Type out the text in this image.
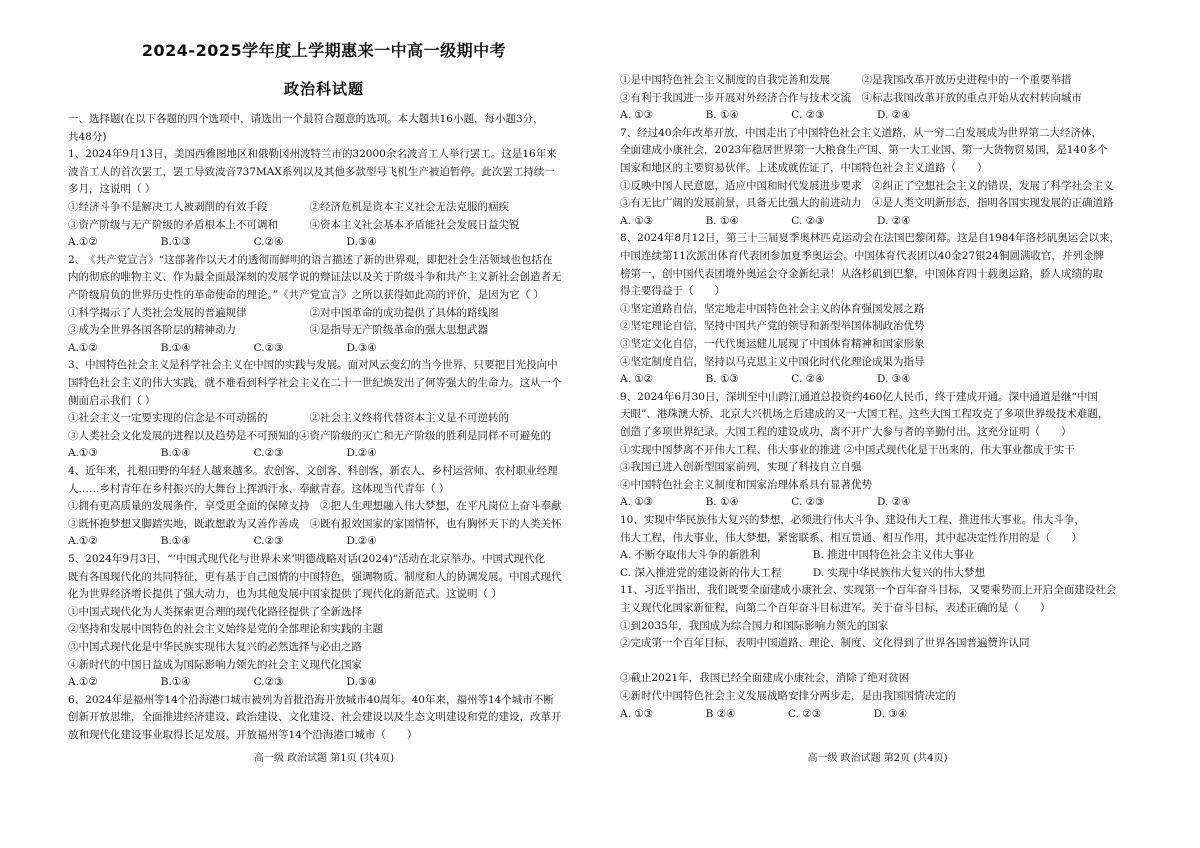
2024-2025学年度上学期惠来一中高一级期中考
政治科试题
一、选择题(在以下各题的四个选项中，请选出一个最符合题意的选项。本大题共16小题，每小题3分，
共48分)
1、2024年9月13日，美国西雅图地区和俄勒冈州波特兰市的32000余名波音工人举行罢工。这是16年来
波音工人的首次罢工，罢工导致波音737MAX系列以及其他多款型号飞机生产被迫暂停。此次罢工持续一
多月，这说明（ ）
①经济斗争不是解决工人被剥削的有效手段　　　　②经济危机是资本主义社会无法克服的痼疾
③资产阶级与无产阶级的矛盾根本上不可调和　　　④资本主义社会基本矛盾能社会发展日益尖锐
A.①②　　　　　　B.①③　　　　　　C.②④　　　　　　D.③④
2、　《共产党宣言》“这部著作以天才的透彻而鲜明的语言描述了新的世界观，即把社会生活领域也包括在
内的彻底的唯物主义、作为最全面最深刻的发展学说的辩证法以及关于阶级斗争和共产主义新社会创造者无
产阶级肩负的世界历史性的革命使命的理论。”《共产党宣言》之所以获得如此高的评价，是因为它（ ）
①科学揭示了人类社会发展的普遍规律　　　　　　②对中国革命的成功提供了具体的路线图
③成为全世界各国各阶层的精神动力　　　　　　　④是指导无产阶级革命的强大思想武器
A.①②　　　　　　B.①④　　　　　　C.②③　　　　　　D.③④
3、中国特色社会主义是科学社会主义在中国的实践与发展。面对风云变幻的当今世界，只要把目光投向中
国特色社会主义的伟大实践，就不难看到科学社会主义在二十一世纪焕发出了何等强大的生命力。这从一个
侧面启示我们（ ）
①社会主义一定要实现的信念是不可动摇的　　　　②社会主义终将代替资本主义是不可逆转的
③人类社会文化发展的进程以及趋势是不可预知的④资产阶级的灭亡和无产阶级的胜利是同样不可避免的
A.①③　　　　　　B.①④　　　　　　C.②③　　　　　　D.②④
4、近年来，扎根田野的年轻人越来越多。农创客、文创客、科创客，新农人、乡村运营师、农村职业经理
人……乡村青年在乡村振兴的大舞台上挥洒汗水、奉献青春。这体现当代青年（ ）
①拥有更高质量的发展条件，享受更全面的保障支持　②把人生理想融入伟大梦想，在平凡岗位上奋斗奉献
③既怀抱梦想又脚踏实地，既敢想敢为又善作善成　④既有报效国家的家国情怀，也有胸怀天下的人类关怀
A.①②　　　　　　B.①④　　　　　　C.②③　　　　　　D.②④
5、2024年9月3日，“‘中国式现代化与世界未来’明德战略对话(2024)”活动在北京举办。中国式现代化
既有各国现代化的共同特征，更有基于自己国情的中国特色，强调物质、制度和人的协调发展。中国式现代
化为世界经济增长提供了强大动力，也为其他发展中国家提供了现代化的新范式。这说明（ ）
①中国式现代化为人类探索更合理的现代化路径提供了全新选择
②坚持和发展中国特色的社会主义始终是党的全部理论和实践的主题
③中国式现代化是中华民族实现伟大复兴的必然选择与必由之路
④新时代的中国日益成为国际影响力领先的社会主义现代化国家
A.①②　　　　　　B.①④　　　　　　C.②③　　　　　　D.③④
6、2024年是福州等14个沿海港口城市被列为首批沿海开放城市40周年。40年来，福州等14个城市不断
创新开放思维，全面推进经济建设、政治建设、文化建设、社会建设以及生态文明建设和党的建设，改革开
放和现代化建设事业取得长足发展。开放福州等14个沿海港口城市（　　）
高一级 政治试题 第1页 (共4页)
①是中国特色社会主义制度的自我完善和发展　　　②是我国改革开放历史进程中的一个重要举措
③有利于我国进一步开展对外经济合作与技术交流　④标志我国改革开放的重点开始从农村转向城市
A. ①③　　　　　B. ①④　　　　　C. ②③　　　　　D. ②④
7、经过40余年改革开放，中国走出了中国特色社会主义道路，从一穷二白发展成为世界第二大经济体，
全面建成小康社会，2023年稳居世界第一大粮食生产国、第一大工业国、第一大货物贸易国，是140多个
国家和地区的主要贸易伙伴。上述成就佐证了，中国特色社会主义道路（　　）
①反映中国人民意愿，适应中国和时代发展进步要求　②纠正了空想社会主义的错误，发展了科学社会主义
③有无比广阔的发展前景，具备无比强大的前进动力　④是人类文明新形态，指明各国实现发展的正确道路
A. ①③　　　　　B. ①④　　　　　C. ②③　　　　　D. ②④
8、2024年8月12日，第三十三届夏季奥林匹克运动会在法国巴黎闭幕。这是自1984年洛杉矶奥运会以来，
中国连续第11次派出体育代表团参加夏季奥运会。中国体育代表团以40金27银24铜圆满收官，并列金牌
榜第一，创中国代表团境外奥运会夺金新纪录！从洛杉矶到巴黎，中国体育四十载奥运路，骄人成绩的取
得主要得益于（　　）
①坚定道路自信，坚定地走中国特色社会主义的体育强国发展之路
②坚定理论自信，坚持中国共产党的领导和新型举国体制政治优势
③坚定文化自信，一代代奥运健儿展现了中国体育精神和国家形象
④坚定制度自信，坚持以马克思主义中国化时代化理论成果为指导
A. ①②　　　　　B. ①③　　　　　C. ②④　　　　　D. ③④
9、2024年6月30日，深圳至中山跨江通道总投资约460亿人民币，终于建成开通。深中通道是继“中国
天眼”、港珠澳大桥、北京大兴机场之后建成的又一大国工程。这些大国工程攻克了多项世界级技术难题，
创造了多项世界纪录。大国工程的建设成功，离不开广大参与者的辛勤付出。这充分证明（　　）
①实现中国梦离不开伟大工程、伟大事业的推进 ②中国式现代化是干出来的，伟大事业都成于实干
③我国已进入创新型国家前列，实现了科技自立自强
④中国特色社会主义制度和国家治理体系具有显著优势
A. ①③　　　　　B. ①④　　　　　C. ②③　　　　　D. ②④
10、实现中华民族伟大复兴的梦想，必须进行伟大斗争、建设伟大工程、推进伟大事业。伟大斗争，
伟大工程，伟大事业，伟大梦想，紧密联系、相互贯通、相互作用，其中起决定性作用的是（　　）
A. 不断夺取伟大斗争的新胜利　　　　　B. 推进中国特色社会主义伟大事业
C. 深入推进党的建设新的伟大工程　　　D. 实现中华民族伟大复兴的伟大梦想
11、习近平指出，我们既要全面建成小康社会、实现第一个百年奋斗目标，又要乘势而上开启全面建设社会
主义现代化国家新征程，向第二个百年奋斗目标进军。关于奋斗目标，表述正确的是（　　）
①到2035年，我国成为综合国力和国际影响力领先的国家
②完成第一个百年目标，表明中国道路、理论、制度、文化得到了世界各国普遍赞许认同
③截止2021年，我国已经全面建成小康社会，消除了绝对贫困
④新时代中国特色社会主义发展战略安排分两步走，是由我国国情决定的
A. ①③　　　　　B ②④　　　　　C. ②③　　　　　D. ③④
高一级 政治试题 第2页 (共4页)
